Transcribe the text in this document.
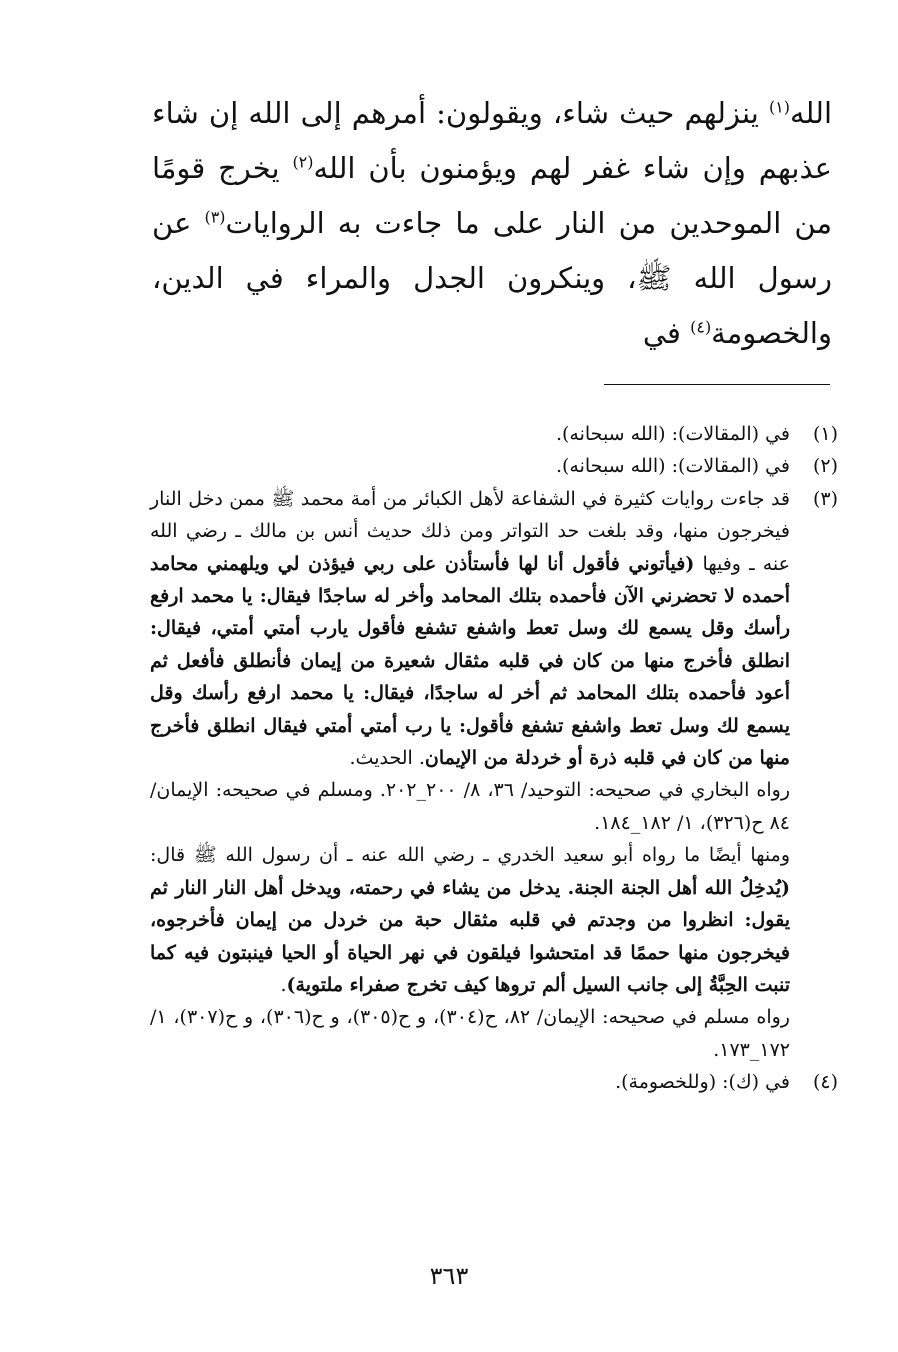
الله$^{(١)}$ ينزلهم حيث شاء، ويقولون: أمرهم إلى الله إن شاء عذبهم وإن شاء غفر لهم ويؤمنون بأن الله$^{(٢)}$ يخرج قومًا من الموحدين من النار على ما جاءت به الروايات$^{(٣)}$ عن رسول الله ﷺ، وينكرون الجدل والمراء في الدين، والخصومة$^{(٤)}$ في

(١)

في (المقالات): (الله سبحانه).

(٢)

في (المقالات): (الله سبحانه).

(٣)

قد جاءت روايات كثيرة في الشفاعة لأهل الكبائر من أمة محمد ﷺ ممن دخل النار فيخرجون منها، وقد بلغت حد التواتر ومن ذلك حديث أنس بن مالك ـ رضي الله عنه ـ وفيها (فيأتوني فأقول أنا لها فأستأذن على ربي فيؤذن لي ويلهمني محامد أحمده لا تحضرني الآن فأحمده بتلك المحامد وأخر له ساجدًا فيقال: يا محمد ارفع رأسك وقل يسمع لك وسل تعط واشفع تشفع فأقول يارب أمتي أمتي، فيقال: انطلق فأخرج منها من كان في قلبه مثقال شعيرة من إيمان فأنطلق فأفعل ثم أعود فأحمده بتلك المحامد ثم أخر له ساجدًا، فيقال: يا محمد ارفع رأسك وقل يسمع لك وسل تعط واشفع تشفع فأقول: يا رب أمتي أمتي فيقال انطلق فأخرج منها من كان في قلبه ذرة أو خردلة من الإيمان. الحديث.

رواه البخاري في صحيحه: التوحيد/ ٣٦، ٨/ ٢٠٠_٢٠٢. ومسلم في صحيحه: الإيمان/ ٨٤ ح(٣٢٦)، ١/ ١٨٢_١٨٤.

ومنها أيضًا ما رواه أبو سعيد الخدري ـ رضي الله عنه ـ أن رسول الله ﷺ قال: (يُدخِلُ الله أهل الجنة الجنة. يدخل من يشاء في رحمته، ويدخل أهل النار النار ثم يقول: انظروا من وجدتم في قلبه مثقال حبة من خردل من إيمان فأخرجوه، فيخرجون منها حممًا قد امتحشوا فيلقون في نهر الحياة أو الحيا فينبتون فيه كما تنبت الحِبَّةُ إلى جانب السيل ألم تروها كيف تخرج صفراء ملتوية).

رواه مسلم في صحيحه: الإيمان/ ٨٢، ح(٣٠٤)، و ح(٣٠٥)، و ح(٣٠٦)، و ح(٣٠٧)، ١/ ١٧٢_١٧٣.

(٤)

في (ك): (وللخصومة).

٣٦٣
